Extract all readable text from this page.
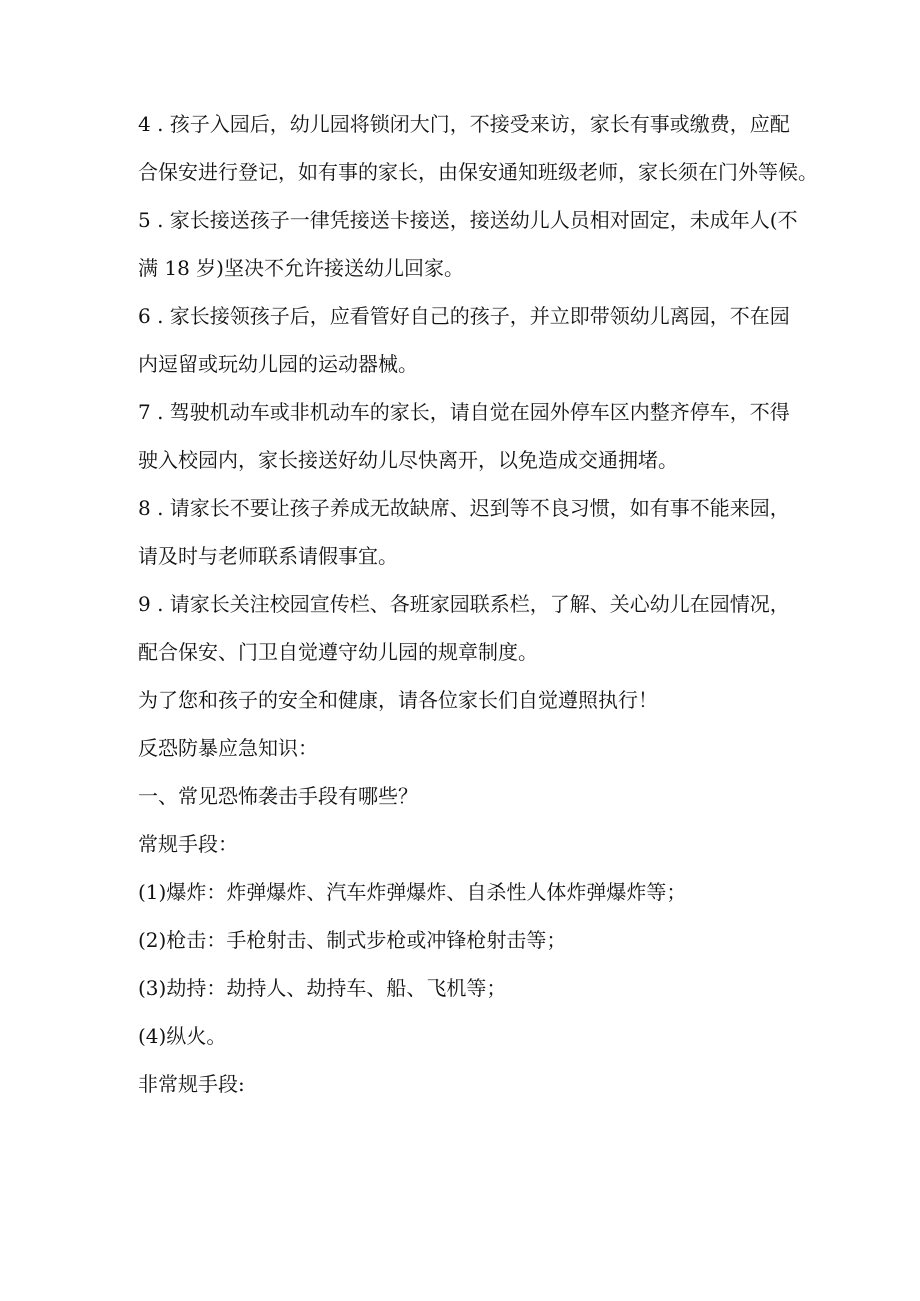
4 . 孩子入园后，幼儿园将锁闭大门，不接受来访，家长有事或缴费，应配

合保安进行登记，如有事的家长，由保安通知班级老师，家长须在门外等候。

5 . 家长接送孩子一律凭接送卡接送，接送幼儿人员相对固定，未成年人(不

满 18 岁)坚决不允许接送幼儿回家。

6 . 家长接领孩子后，应看管好自己的孩子，并立即带领幼儿离园，不在园

内逗留或玩幼儿园的运动器械。

7 . 驾驶机动车或非机动车的家长，请自觉在园外停车区内整齐停车，不得

驶入校园内，家长接送好幼儿尽快离开，以免造成交通拥堵。

8 . 请家长不要让孩子养成无故缺席、迟到等不良习惯，如有事不能来园，

请及时与老师联系请假事宜。

9 . 请家长关注校园宣传栏、各班家园联系栏，了解、关心幼儿在园情况，

配合保安、门卫自觉遵守幼儿园的规章制度。

为了您和孩子的安全和健康，请各位家长们自觉遵照执行！

反恐防暴应急知识：

一、常见恐怖袭击手段有哪些？

常规手段：

(1)爆炸：炸弹爆炸、汽车炸弹爆炸、自杀性人体炸弹爆炸等；

(2)枪击：手枪射击、制式步枪或冲锋枪射击等；

(3)劫持：劫持人、劫持车、船、飞机等；

(4)纵火。

非常规手段:
